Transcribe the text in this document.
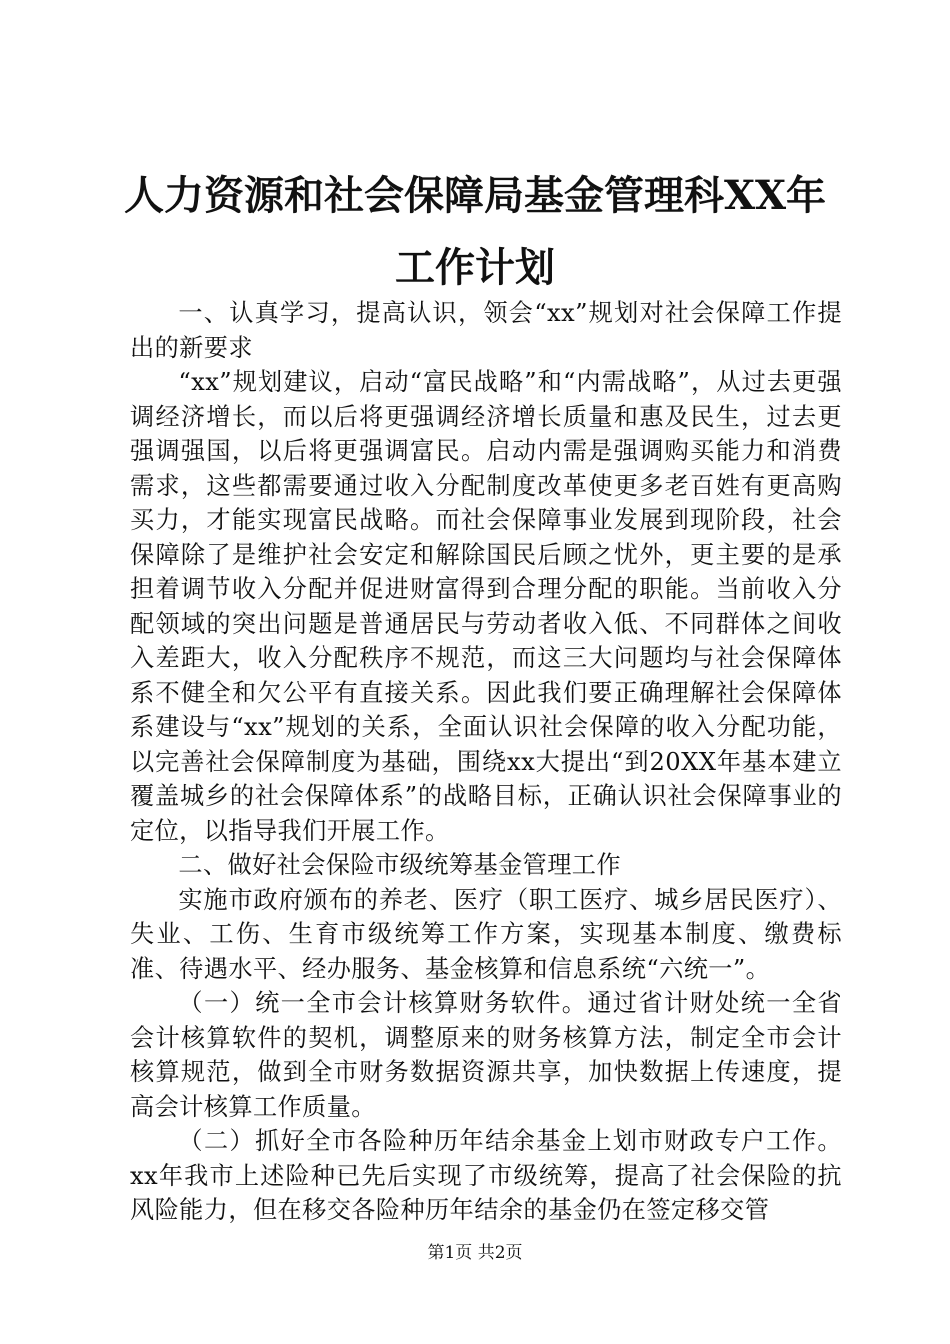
人力资源和社会保障局基金管理科XX年工作计划

一、认真学习，提高认识，领会“xx”规划对社会保障工作提出的新要求

“xx”规划建议，启动“富民战略”和“内需战略”，从过去更强调经济增长，而以后将更强调经济增长质量和惠及民生，过去更强调强国，以后将更强调富民。启动内需是强调购买能力和消费需求，这些都需要通过收入分配制度改革使更多老百姓有更高购买力，才能实现富民战略。而社会保障事业发展到现阶段，社会保障除了是维护社会安定和解除国民后顾之忧外，更主要的是承担着调节收入分配并促进财富得到合理分配的职能。当前收入分配领域的突出问题是普通居民与劳动者收入低、不同群体之间收入差距大，收入分配秩序不规范，而这三大问题均与社会保障体系不健全和欠公平有直接关系。因此我们要正确理解社会保障体系建设与“xx”规划的关系，全面认识社会保障的收入分配功能，以完善社会保障制度为基础，围绕xx大提出“到20XX年基本建立覆盖城乡的社会保障体系”的战略目标，正确认识社会保障事业的定位，以指导我们开展工作。

二、做好社会保险市级统筹基金管理工作

实施市政府颁布的养老、医疗（职工医疗、城乡居民医疗）、失业、工伤、生育市级统筹工作方案，实现基本制度、缴费标准、待遇水平、经办服务、基金核算和信息系统“六统一”。

（一）统一全市会计核算财务软件。通过省计财处统一全省会计核算软件的契机，调整原来的财务核算方法，制定全市会计核算规范，做到全市财务数据资源共享，加快数据上传速度，提高会计核算工作质量。

（二）抓好全市各险种历年结余基金上划市财政专户工作。xx年我市上述险种已先后实现了市级统筹，提高了社会保险的抗风险能力，但在移交各险种历年结余的基金仍在签定移交管

第1页 共2页
